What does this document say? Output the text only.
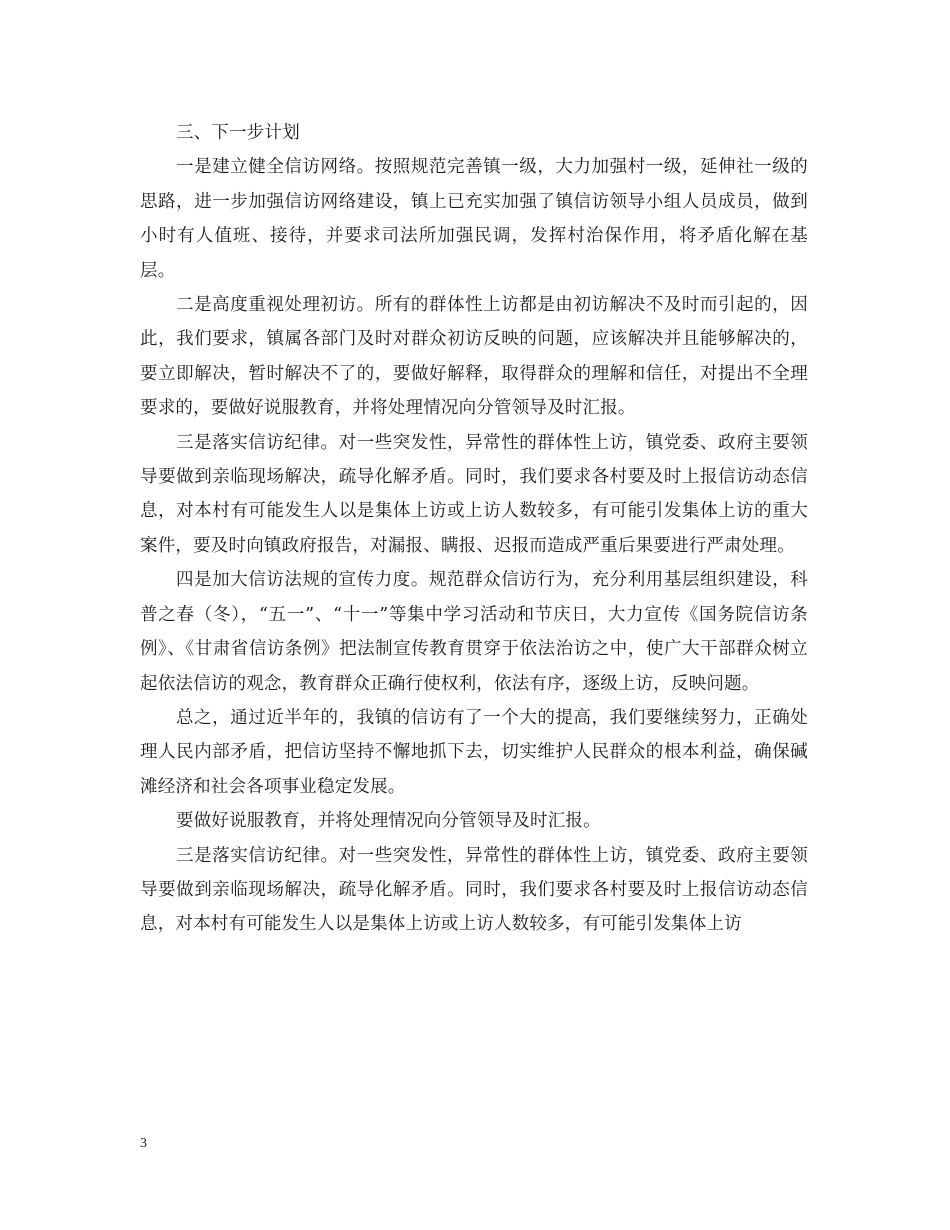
三、下一步计划

一是建立健全信访网络。按照规范完善镇一级，大力加强村一级，延伸社一级的思路，进一步加强信访网络建设，镇上已充实加强了镇信访领导小组人员成员，做到小时有人值班、接待，并要求司法所加强民调，发挥村治保作用，将矛盾化解在基层。

二是高度重视处理初访。所有的群体性上访都是由初访解决不及时而引起的，因此，我们要求，镇属各部门及时对群众初访反映的问题，应该解决并且能够解决的，要立即解决，暂时解决不了的，要做好解释，取得群众的理解和信任，对提出不全理要求的，要做好说服教育，并将处理情况向分管领导及时汇报。

三是落实信访纪律。对一些突发性，异常性的群体性上访，镇党委、政府主要领导要做到亲临现场解决，疏导化解矛盾。同时，我们要求各村要及时上报信访动态信息，对本村有可能发生人以是集体上访或上访人数较多，有可能引发集体上访的重大案件，要及时向镇政府报告，对漏报、瞒报、迟报而造成严重后果要进行严肃处理。

四是加大信访法规的宣传力度。规范群众信访行为，充分利用基层组织建设，科普之春（冬），“五一”、“十一”等集中学习活动和节庆日，大力宣传《国务院信访条例》、《甘肃省信访条例》把法制宣传教育贯穿于依法治访之中，使广大干部群众树立起依法信访的观念，教育群众正确行使权利，依法有序，逐级上访，反映问题。

总之，通过近半年的，我镇的信访有了一个大的提高，我们要继续努力，正确处理人民内部矛盾，把信访坚持不懈地抓下去，切实维护人民群众的根本利益，确保碱滩经济和社会各项事业稳定发展。

要做好说服教育，并将处理情况向分管领导及时汇报。

三是落实信访纪律。对一些突发性，异常性的群体性上访，镇党委、政府主要领导要做到亲临现场解决，疏导化解矛盾。同时，我们要求各村要及时上报信访动态信息，对本村有可能发生人以是集体上访或上访人数较多，有可能引发集体上访

3
